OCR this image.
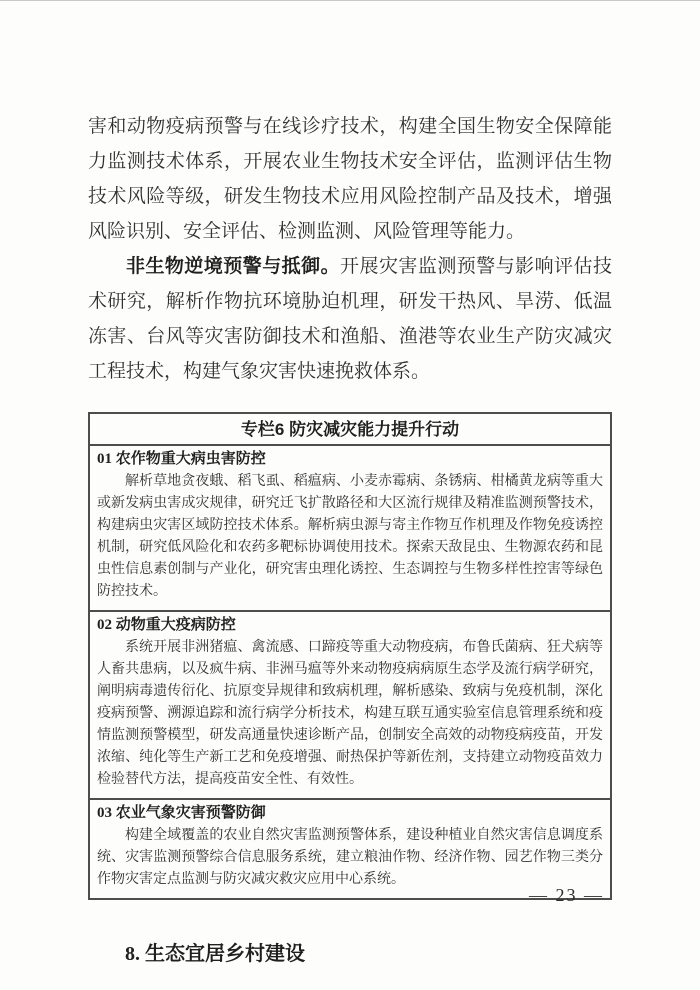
害和动物疫病预警与在线诊疗技术，构建全国生物安全保障能力监测技术体系，开展农业生物技术安全评估，监测评估生物技术风险等级，研发生物技术应用风险控制产品及技术，增强风险识别、安全评估、检测监测、风险管理等能力。

非生物逆境预警与抵御。开展灾害监测预警与影响评估技术研究，解析作物抗环境胁迫机理，研发干热风、旱涝、低温冻害、台风等灾害防御技术和渔船、渔港等农业生产防灾减灾工程技术，构建气象灾害快速挽救体系。

专栏6 防灾减灾能力提升行动
01 农作物重大病虫害防控

解析草地贪夜蛾、稻飞虱、稻瘟病、小麦赤霉病、条锈病、柑橘黄龙病等重大或新发病虫害成灾规律，研究迁飞扩散路径和大区流行规律及精准监测预警技术，构建病虫灾害区域防控技术体系。解析病虫源与寄主作物互作机理及作物免疫诱控机制，研究低风险化和农药多靶标协调使用技术。探索天敌昆虫、生物源农药和昆虫性信息素创制与产业化，研究害虫理化诱控、生态调控与生物多样性控害等绿色防控技术。

02 动物重大疫病防控

系统开展非洲猪瘟、禽流感、口蹄疫等重大动物疫病，布鲁氏菌病、狂犬病等人畜共患病，以及疯牛病、非洲马瘟等外来动物疫病病原生态学及流行病学研究，阐明病毒遗传衍化、抗原变异规律和致病机理，解析感染、致病与免疫机制，深化疫病预警、溯源追踪和流行病学分析技术，构建互联互通实验室信息管理系统和疫情监测预警模型，研发高通量快速诊断产品，创制安全高效的动物疫病疫苗，开发浓缩、纯化等生产新工艺和免疫增强、耐热保护等新佐剂，支持建立动物疫苗效力检验替代方法，提高疫苗安全性、有效性。

03 农业气象灾害预警防御

构建全域覆盖的农业自然灾害监测预警体系，建设种植业自然灾害信息调度系统、灾害监测预警综合信息服务系统，建立粮油作物、经济作物、园艺作物三类分作物灾害定点监测与防灾减灾救灾应用中心系统。

8. 生态宜居乡村建设
— 23 —
